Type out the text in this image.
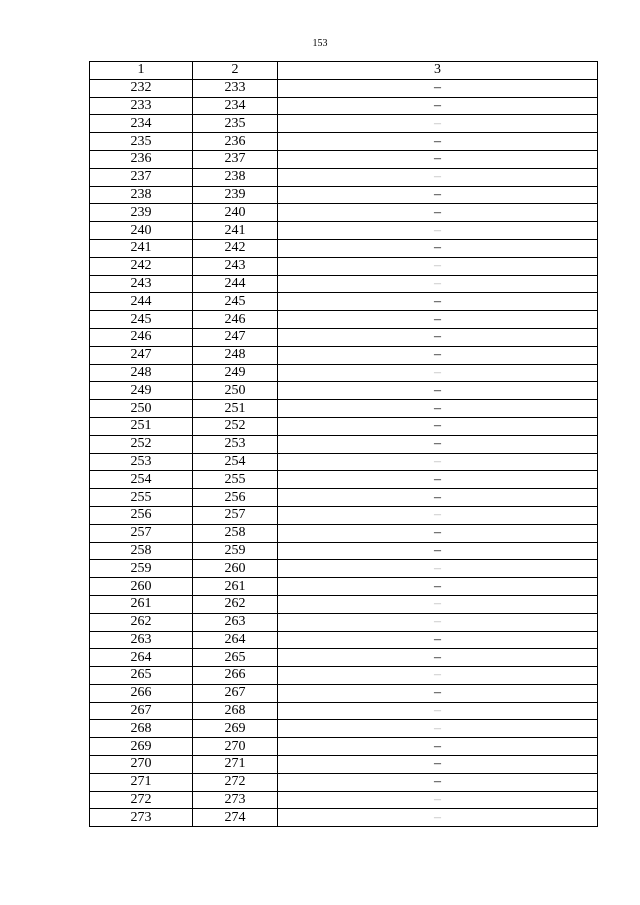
153
1	2	3
232	233	–
233	234	–
234	235	–
235	236	–
236	237	–
237	238	–
238	239	–
239	240	–
240	241	–
241	242	–
242	243	–
243	244	–
244	245	–
245	246	–
246	247	–
247	248	–
248	249	–
249	250	–
250	251	–
251	252	–
252	253	–
253	254	–
254	255	–
255	256	–
256	257	–
257	258	–
258	259	–
259	260	–
260	261	–
261	262	–
262	263	–
263	264	–
264	265	–
265	266	–
266	267	–
267	268	–
268	269	–
269	270	–
270	271	–
271	272	–
272	273	–
273	274	–
